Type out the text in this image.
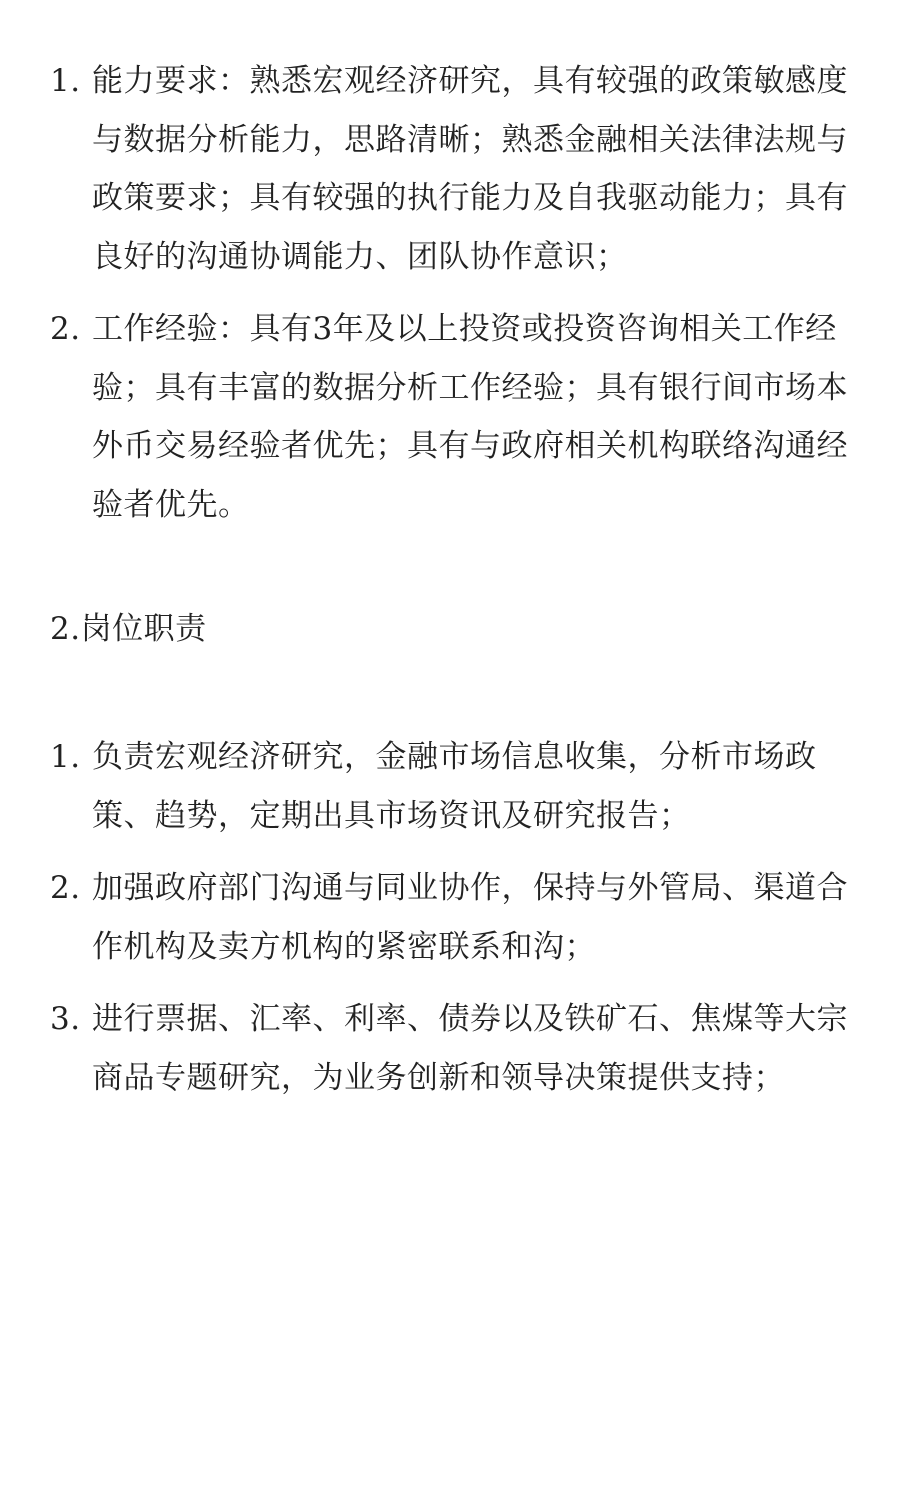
1. 能力要求：熟悉宏观经济研究，具有较强的政策敏感度与数据分析能力，思路清晰；熟悉金融相关法律法规与政策要求；具有较强的执行能力及自我驱动能力；具有良好的沟通协调能力、团队协作意识；
2. 工作经验：具有3年及以上投资或投资咨询相关工作经验；具有丰富的数据分析工作经验；具有银行间市场本外币交易经验者优先；具有与政府相关机构联络沟通经验者优先。
2.岗位职责
1. 负责宏观经济研究，金融市场信息收集，分析市场政策、趋势，定期出具市场资讯及研究报告；
2. 加强政府部门沟通与同业协作，保持与外管局、渠道合作机构及卖方机构的紧密联系和沟；
3. 进行票据、汇率、利率、债券以及铁矿石、焦煤等大宗商品专题研究，为业务创新和领导决策提供支持；
